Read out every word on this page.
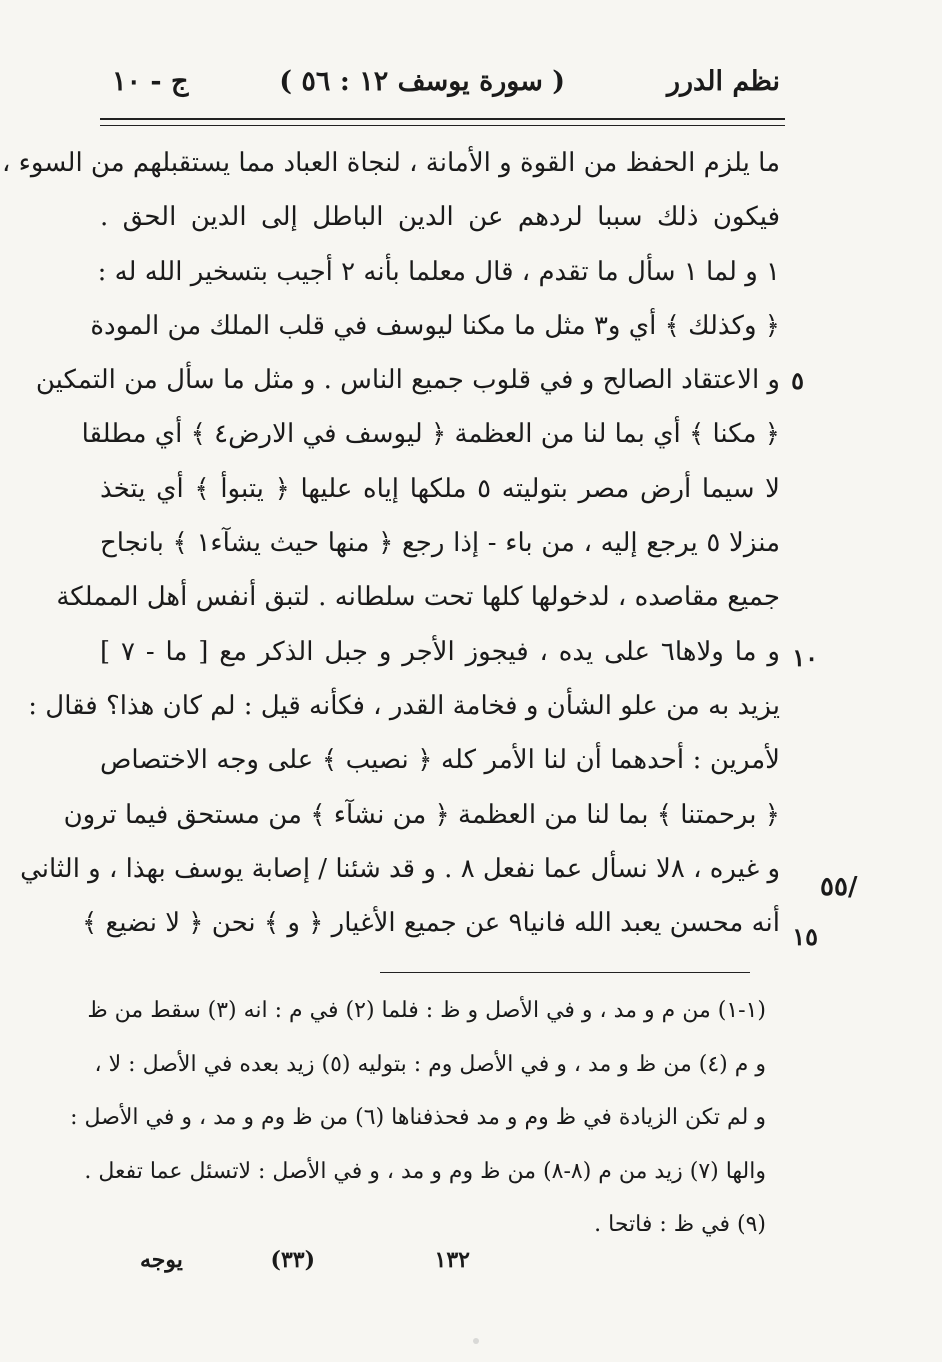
نظم الدرر
( سورة يوسف ١٢ : ٥٦ )
ج - ١٠
ما يلزم الحفظ من القوة و الأمانة ، لنجاة العباد مما يستقبلهم من السوء ،
فيكون ذلك سببا لردهم عن الدين الباطل إلى الدين الحق .
١ و لما ١ سأل ما تقدم ، قال معلما بأنه ٢ أجيب بتسخير الله له :
﴿ وكذلك ﴾ أي و٣ مثل ما مكنا ليوسف في قلب الملك من المودة
و الاعتقاد الصالح و في قلوب جميع الناس . و مثل ما سأل من التمكين
﴿ مكنا ﴾ أي بما لنا من العظمة ﴿ ليوسف في الارض٤ ﴾ أي مطلقا
لا سيما أرض مصر بتوليته ٥ ملكها إياه عليها ﴿ يتبوأ ﴾ أي يتخذ
منزلا ٥ يرجع إليه ، من باء - إذا رجع ﴿ منها حيث يشآء١ ﴾ بانجاح
جميع مقاصده ، لدخولها كلها تحت سلطانه . لتبق أنفس أهل المملكة
و ما ولاها٦ على يده ، فيجوز الأجر و جبل الذكر مع [ ما - ٧ ]
يزيد به من علو الشأن و فخامة القدر ، فكأنه قيل : لم كان هذا؟ فقال :
لأمرين : أحدهما أن لنا الأمر كله ﴿ نصيب ﴾ على وجه الاختصاص
﴿ برحمتنا ﴾ بما لنا من العظمة ﴿ من نشآء ﴾ من مستحق فيما ترون
و غيره ، ٨لا نسأل عما نفعل ٨ . و قد شئنا / إصابة يوسف بهذا ، و الثاني
أنه محسن يعبد الله فانيا٩ عن جميع الأغيار ﴿ و ﴾ نحن ﴿ لا نضيع ﴾
٥
١٠
١٥
/٥٥
(١-١) من م و مد ، و في الأصل و ظ : فلما (٢) في م : انه (٣) سقط من ظ
و م (٤) من ظ و مد ، و في الأصل وم : بتوليه (٥) زيد بعده في الأصل : لا ،
و لم تكن الزيادة في ظ وم و مد فحذفناها (٦) من ظ وم و مد ، و في الأصل :
والها (٧) زيد من م (٨-٨) من ظ وم و مد ، و في الأصل : لاتسئل عما تفعل .
(٩) في ظ : فاتحا .
١٣٢
(٣٣)
يوجه
